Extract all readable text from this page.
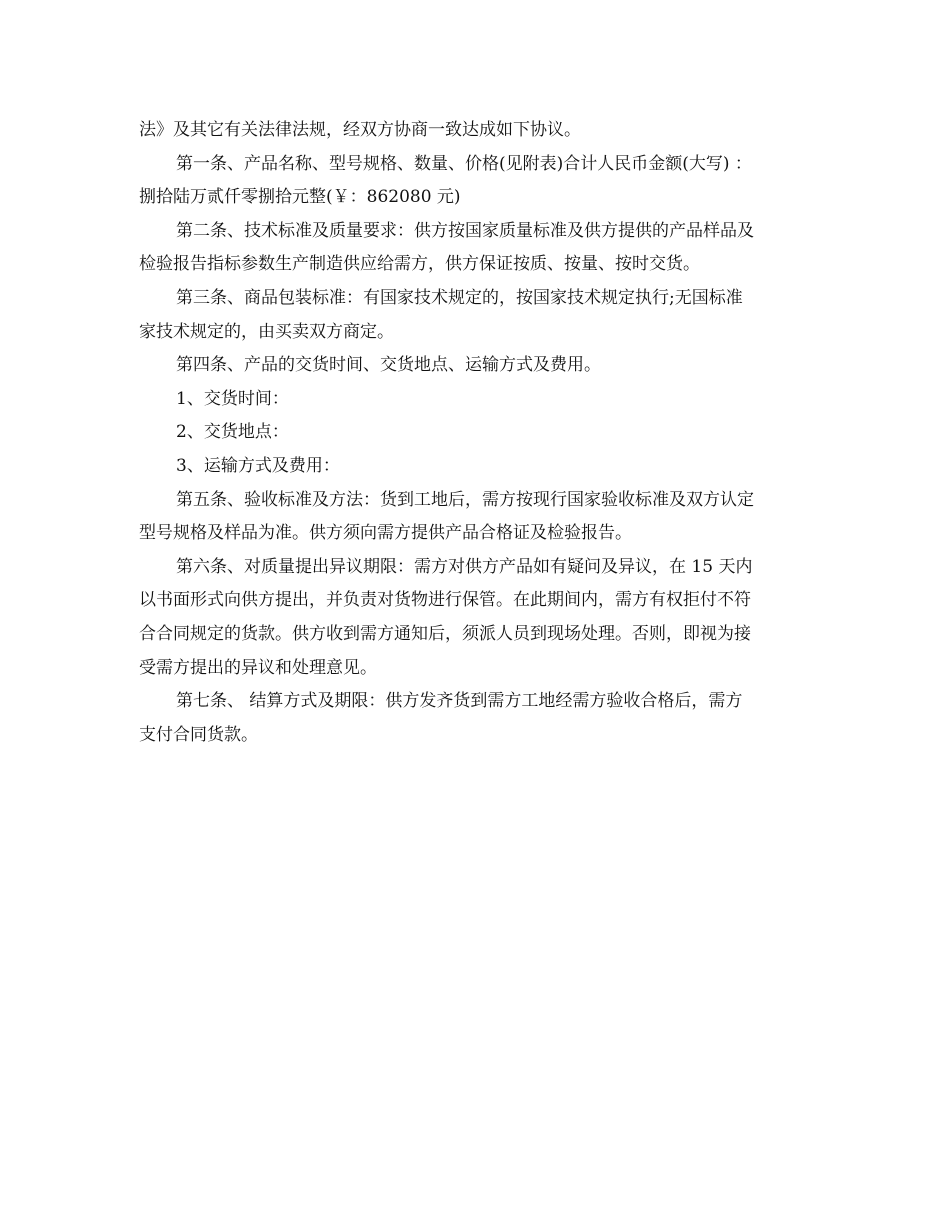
法》及其它有关法律法规，经双方协商一致达成如下协议。
第一条、产品名称、型号规格、数量、价格(见附表)合计人民币金额(大写) ：
捌拾陆万贰仟零捌拾元整(￥：862080 元)
第二条、技术标准及质量要求：供方按国家质量标准及供方提供的产品样品及
检验报告指标参数生产制造供应给需方，供方保证按质、按量、按时交货。
第三条、商品包装标准：有国家技术规定的，按国家技术规定执行;无国标准
家技术规定的，由买卖双方商定。
第四条、产品的交货时间、交货地点、运输方式及费用。
1、交货时间：
2、交货地点：
3、运输方式及费用：
第五条、验收标准及方法：货到工地后，需方按现行国家验收标准及双方认定
型号规格及样品为准。供方须向需方提供产品合格证及检验报告。
第六条、对质量提出异议期限：需方对供方产品如有疑问及异议，在 15 天内
以书面形式向供方提出，并负责对货物进行保管。在此期间内，需方有权拒付不符
合合同规定的货款。供方收到需方通知后，须派人员到现场处理。否则，即视为接
受需方提出的异议和处理意见。
第七条、 结算方式及期限：供方发齐货到需方工地经需方验收合格后，需方
支付合同货款。
